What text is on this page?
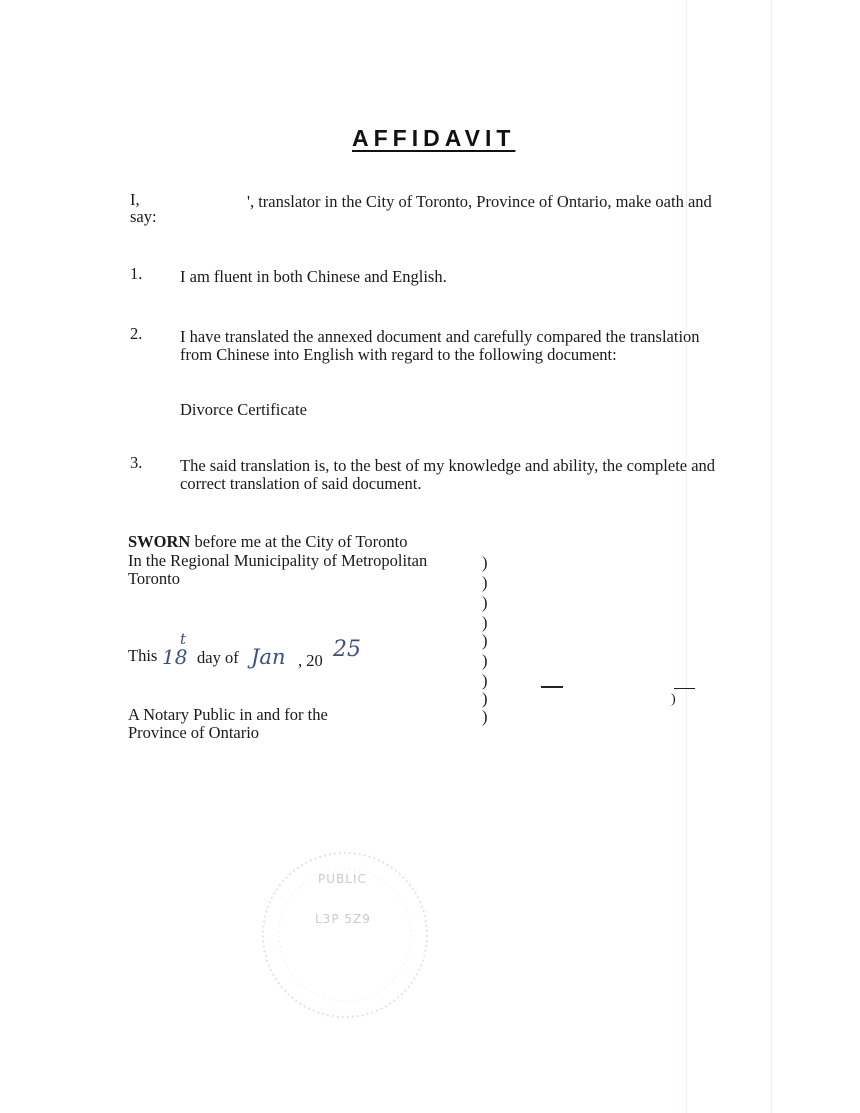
AFFIDAVIT
I,	', translator in the City of Toronto, Province of Ontario, make oath and
say:
1. I am fluent in both Chinese and English.
2. I have translated the annexed document and carefully compared the translation
from Chinese into English with regard to the following document:
Divorce Certificate
3. The said translation is, to the best of my knowledge and ability, the complete and
correct translation of said document.
SWORN before me at the City of Toronto
In the Regional Municipality of Metropolitan
Toronto
This 18
t
day of Jan , 20 25
A Notary Public in and for the
Province of Ontario
)
)
)
)
)
)
)
)
)
)
PUBLIC
L3P 5Z9
